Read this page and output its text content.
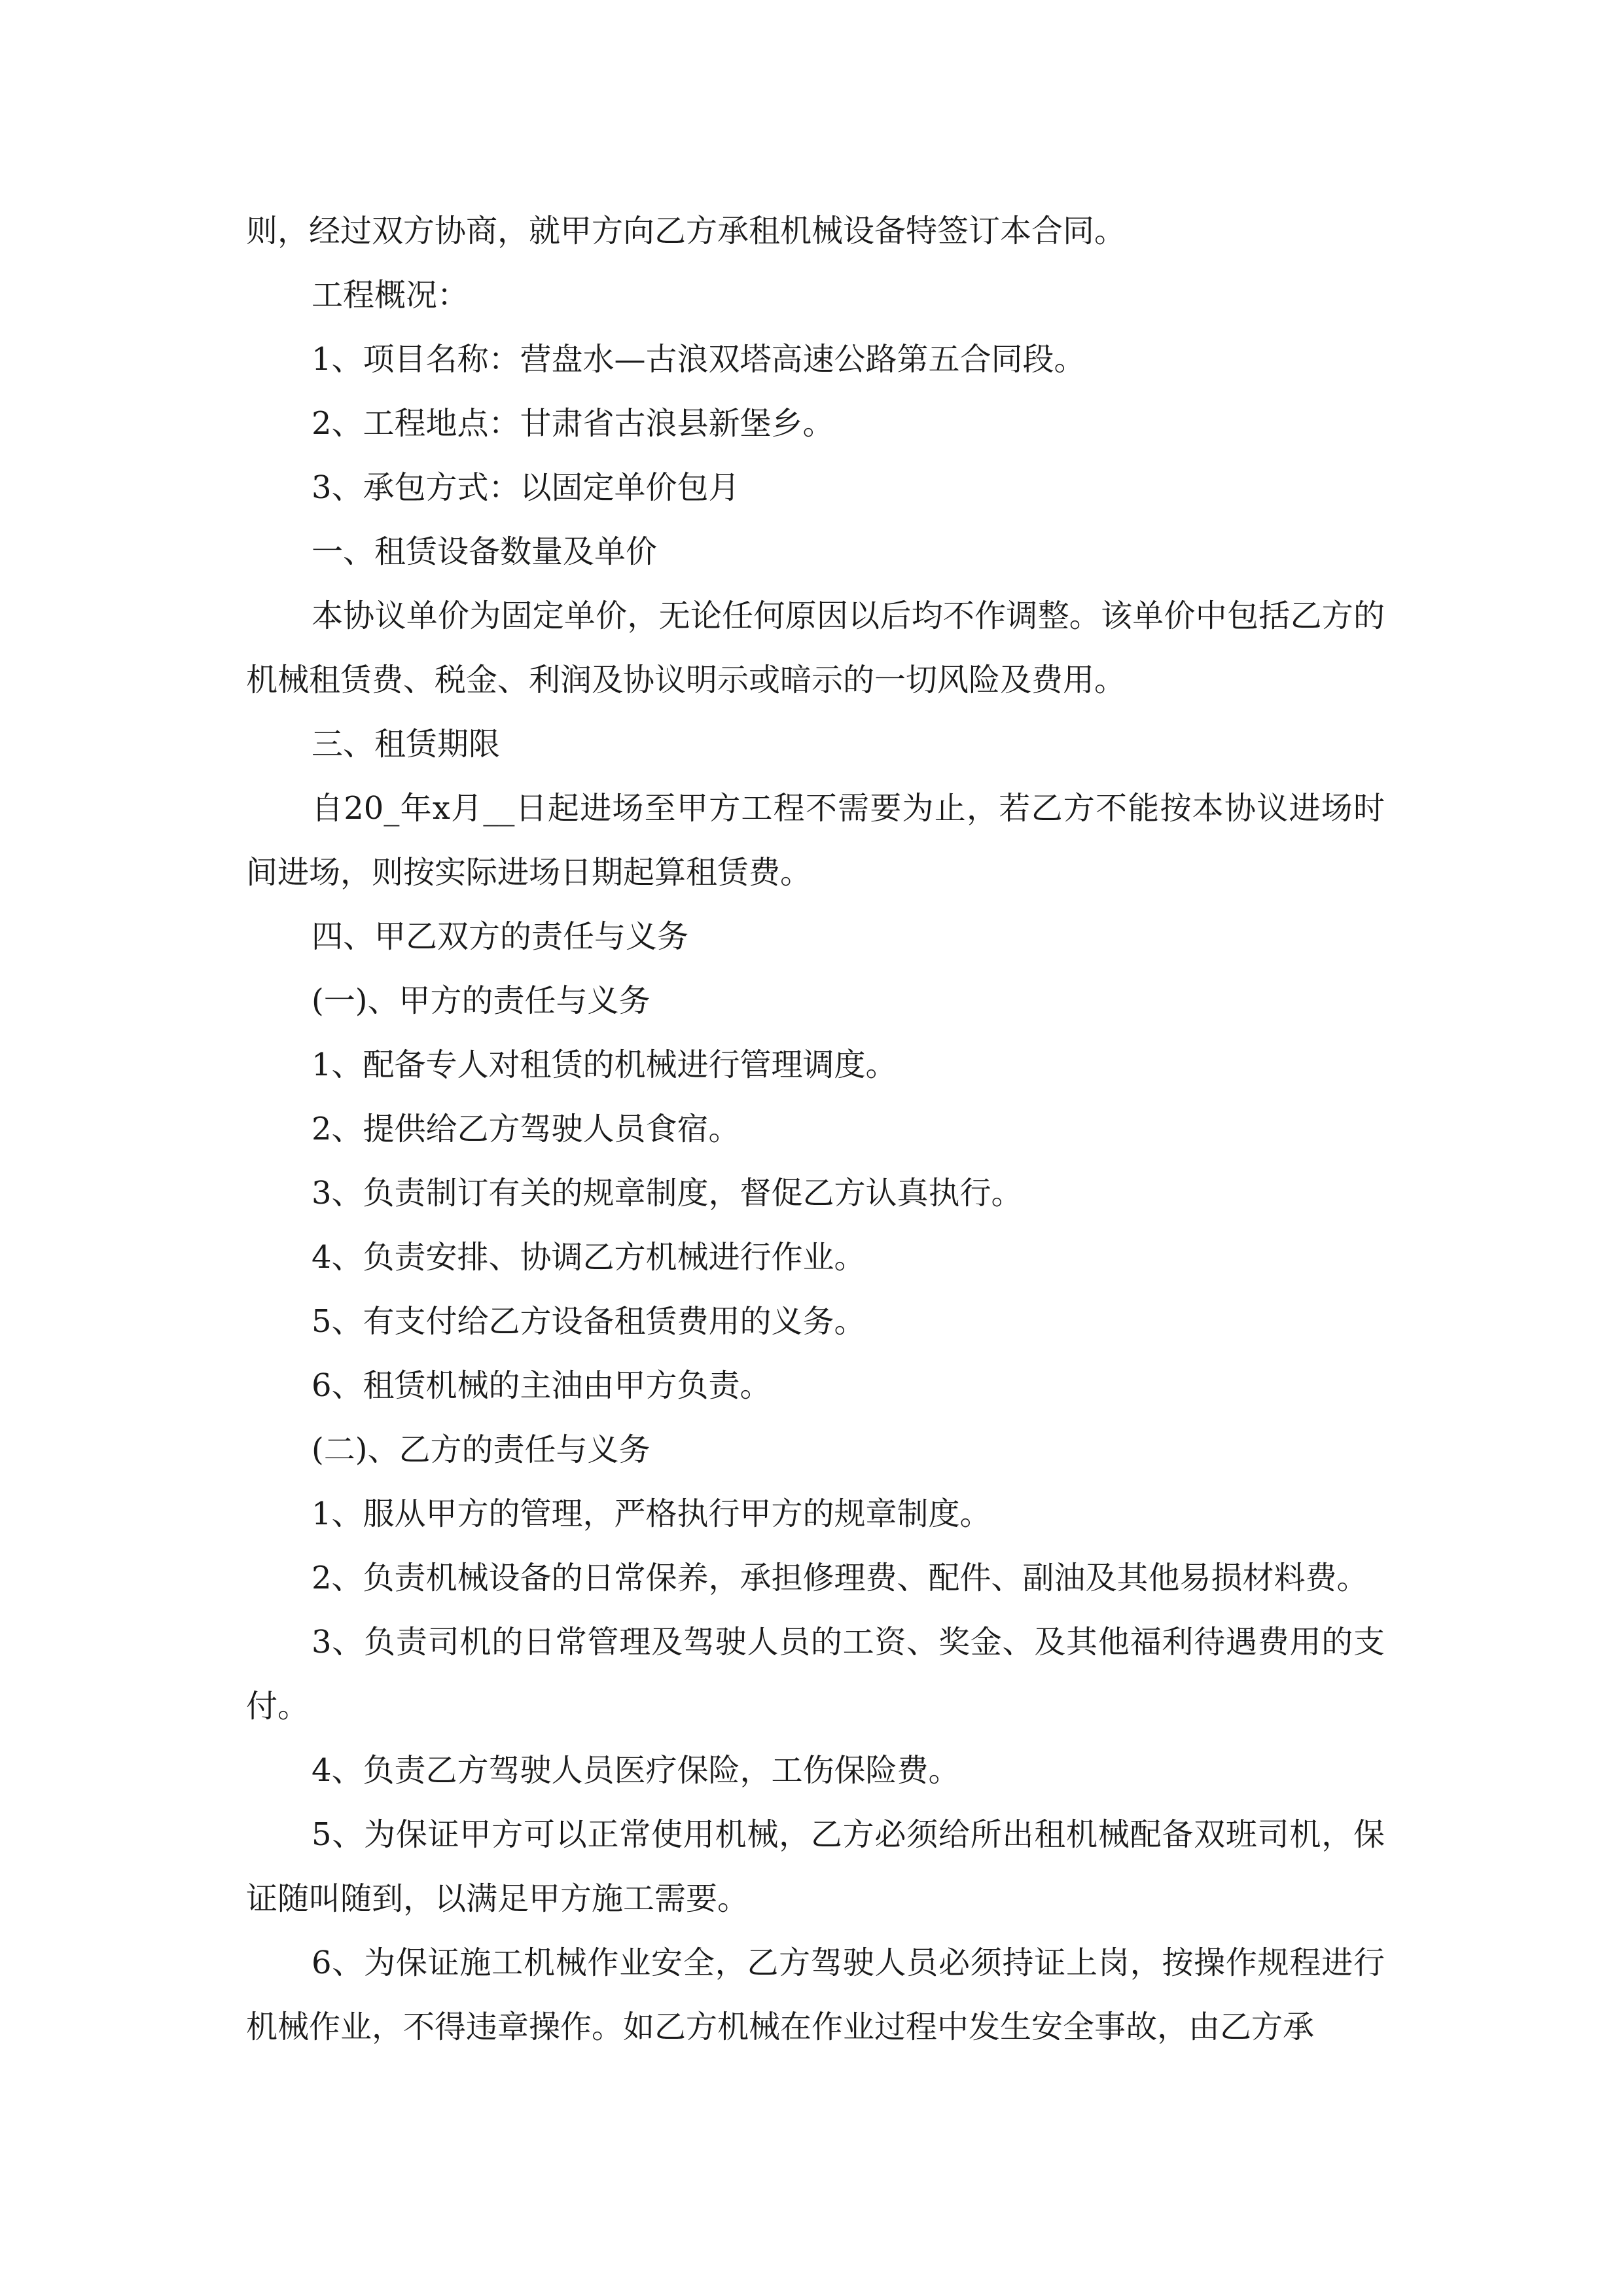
则，经过双方协商，就甲方向乙方承租机械设备特签订本合同。

工程概况：

1、项目名称：营盘水—古浪双塔高速公路第五合同段。

2、工程地点：甘肃省古浪县新堡乡。

3、承包方式：以固定单价包月

一、租赁设备数量及单价

本协议单价为固定单价，无论任何原因以后均不作调整。该单价中包括乙方的机械租赁费、税金、利润及协议明示或暗示的一切风险及费用。

三、租赁期限

自20_年x月__日起进场至甲方工程不需要为止，若乙方不能按本协议进场时间进场，则按实际进场日期起算租赁费。

四、甲乙双方的责任与义务

(一)、甲方的责任与义务

1、配备专人对租赁的机械进行管理调度。

2、提供给乙方驾驶人员食宿。

3、负责制订有关的规章制度，督促乙方认真执行。

4、负责安排、协调乙方机械进行作业。

5、有支付给乙方设备租赁费用的义务。

6、租赁机械的主油由甲方负责。

(二)、乙方的责任与义务

1、服从甲方的管理，严格执行甲方的规章制度。

2、负责机械设备的日常保养，承担修理费、配件、副油及其他易损材料费。

3、负责司机的日常管理及驾驶人员的工资、奖金、及其他福利待遇费用的支付。

4、负责乙方驾驶人员医疗保险，工伤保险费。

5、为保证甲方可以正常使用机械，乙方必须给所出租机械配备双班司机，保证随叫随到，以满足甲方施工需要。

6、为保证施工机械作业安全，乙方驾驶人员必须持证上岗，按操作规程进行机械作业，不得违章操作。如乙方机械在作业过程中发生安全事故，由乙方承
